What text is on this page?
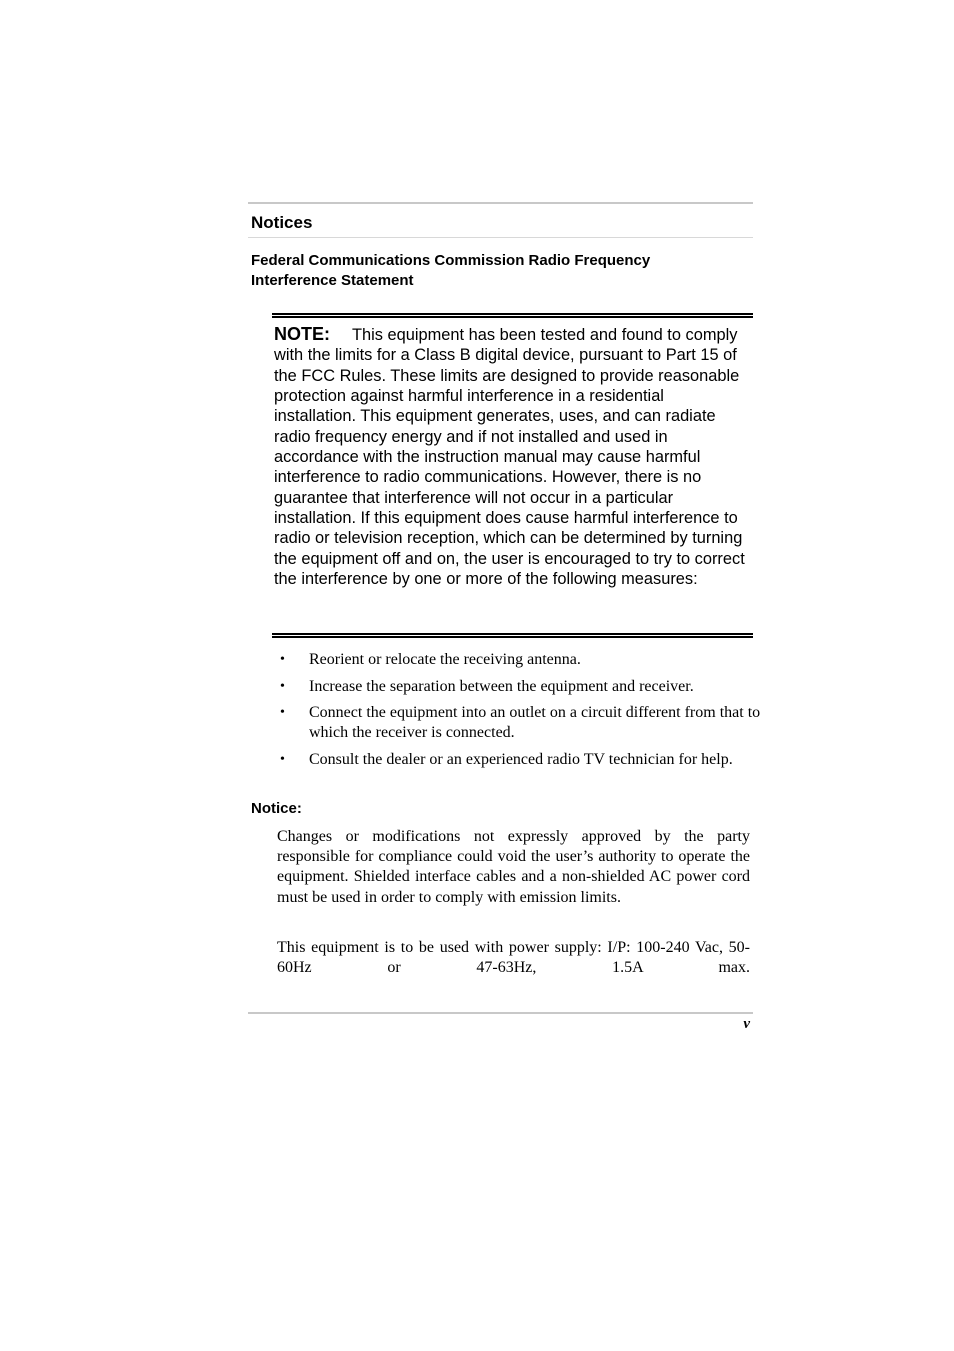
Notices
Federal Communications Commission Radio Frequency Interference Statement

NOTE: This equipment has been tested and found to comply with the limits for a Class B digital device, pursuant to Part 15 of the FCC Rules. These limits are designed to provide reasonable protection against harmful interference in a residential installation. This equipment generates, uses, and can radiate radio frequency energy and if not installed and used in accordance with the instruction manual may cause harmful interference to radio communications. However, there is no guarantee that interference will not occur in a particular installation. If this equipment does cause harmful interference to radio or television reception, which can be determined by turning the equipment off and on, the user is encouraged to try to correct the interference by one or more of the following measures:

• Reorient or relocate the receiving antenna.
• Increase the separation between the equipment and receiver.
• Connect the equipment into an outlet on a circuit different from that to which the receiver is connected.
• Consult the dealer or an experienced radio TV technician for help.
Notice:

Changes or modifications not expressly approved by the party responsible for compliance could void the user’s authority to operate the equipment. Shielded interface cables and a non-shielded AC power cord must be used in order to comply with emission limits.

This equipment is to be used with power supply: I/P: 100-240 Vac, 50-60Hz or 47-63Hz, 1.5A max.

v
